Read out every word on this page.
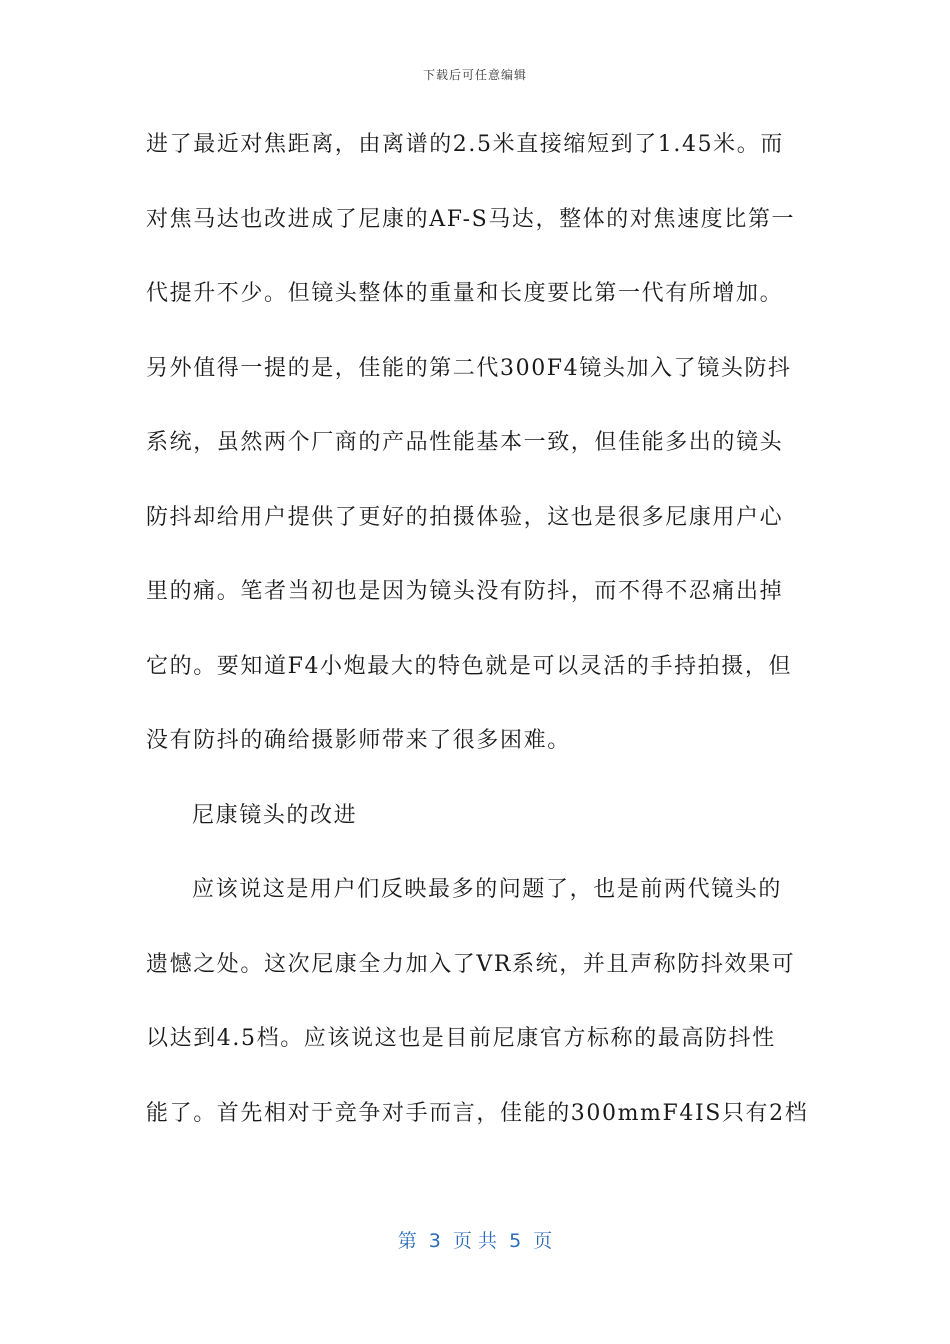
下载后可任意编辑
进了最近对焦距离，由离谱的2.5米直接缩短到了1.45米。而
对焦马达也改进成了尼康的AF-S马达，整体的对焦速度比第一
代提升不少。但镜头整体的重量和长度要比第一代有所增加。
另外值得一提的是，佳能的第二代300F4镜头加入了镜头防抖
系统，虽然两个厂商的产品性能基本一致，但佳能多出的镜头
防抖却给用户提供了更好的拍摄体验，这也是很多尼康用户心
里的痛。笔者当初也是因为镜头没有防抖，而不得不忍痛出掉
它的。要知道F4小炮最大的特色就是可以灵活的手持拍摄，但
没有防抖的确给摄影师带来了很多困难。
尼康镜头的改进
应该说这是用户们反映最多的问题了，也是前两代镜头的
遗憾之处。这次尼康全力加入了VR系统，并且声称防抖效果可
以达到4.5档。应该说这也是目前尼康官方标称的最高防抖性
能了。首先相对于竞争对手而言，佳能的300mmF4IS只有2档
第  3  页 共  5  页
